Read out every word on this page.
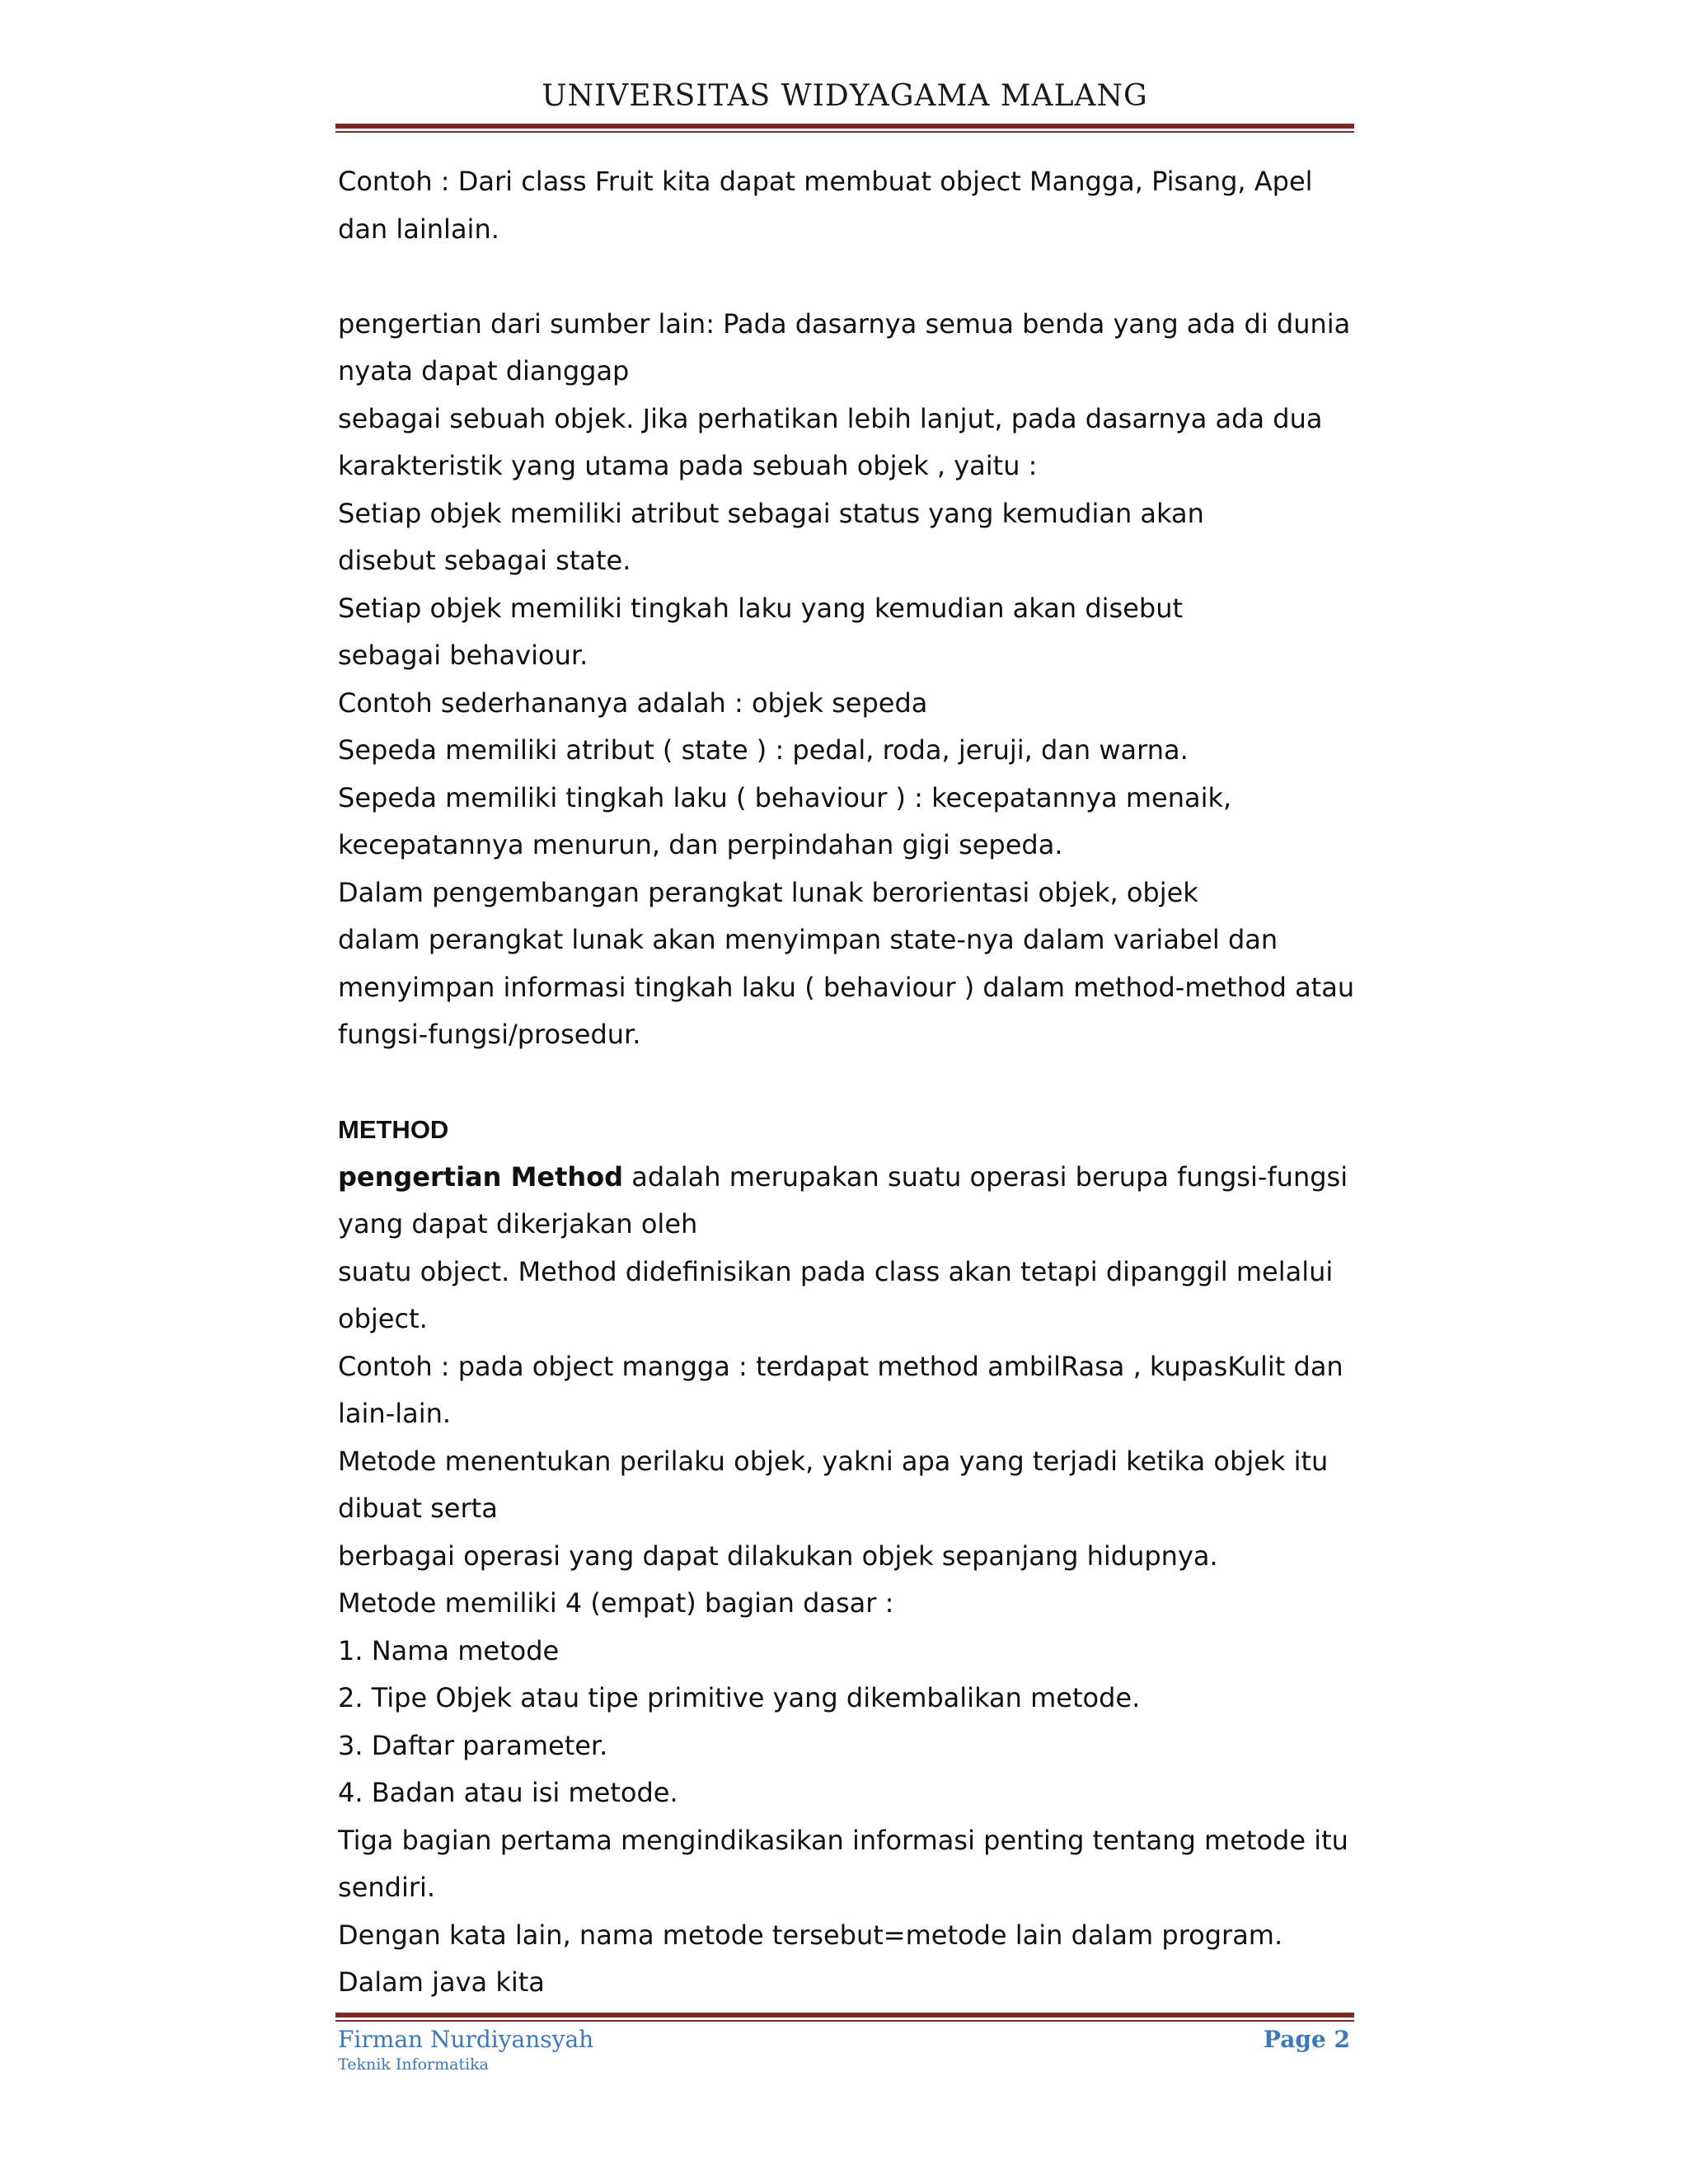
UNIVERSITAS WIDYAGAMA MALANG
Contoh : Dari class Fruit kita dapat membuat object Mangga, Pisang, Apel
dan lainlain.
pengertian dari sumber lain: Pada dasarnya semua benda yang ada di dunia
nyata dapat dianggap
sebagai sebuah objek. Jika perhatikan lebih lanjut, pada dasarnya ada dua
karakteristik yang utama pada sebuah objek , yaitu :
Setiap objek memiliki atribut sebagai status yang kemudian akan
disebut sebagai state.
Setiap objek memiliki tingkah laku yang kemudian akan disebut
sebagai behaviour.
Contoh sederhananya adalah : objek sepeda
Sepeda memiliki atribut ( state ) : pedal, roda, jeruji, dan warna.
Sepeda memiliki tingkah laku ( behaviour ) : kecepatannya menaik,
kecepatannya menurun, dan perpindahan gigi sepeda.
Dalam pengembangan perangkat lunak berorientasi objek, objek
dalam perangkat lunak akan menyimpan state-nya dalam variabel dan
menyimpan informasi tingkah laku ( behaviour ) dalam method-method atau
fungsi-fungsi/prosedur.
METHOD
pengertian Method adalah merupakan suatu operasi berupa fungsi-fungsi
yang dapat dikerjakan oleh
suatu object. Method didefinisikan pada class akan tetapi dipanggil melalui
object.
Contoh : pada object mangga : terdapat method ambilRasa , kupasKulit dan
lain-lain.
Metode menentukan perilaku objek, yakni apa yang terjadi ketika objek itu
dibuat serta
berbagai operasi yang dapat dilakukan objek sepanjang hidupnya.
Metode memiliki 4 (empat) bagian dasar :
1. Nama metode
2. Tipe Objek atau tipe primitive yang dikembalikan metode.
3. Daftar parameter.
4. Badan atau isi metode.
Tiga bagian pertama mengindikasikan informasi penting tentang metode itu
sendiri.
Dengan kata lain, nama metode tersebut=metode lain dalam program.
Dalam java kita
Firman Nurdiyansyah
Teknik Informatika
Page 2
